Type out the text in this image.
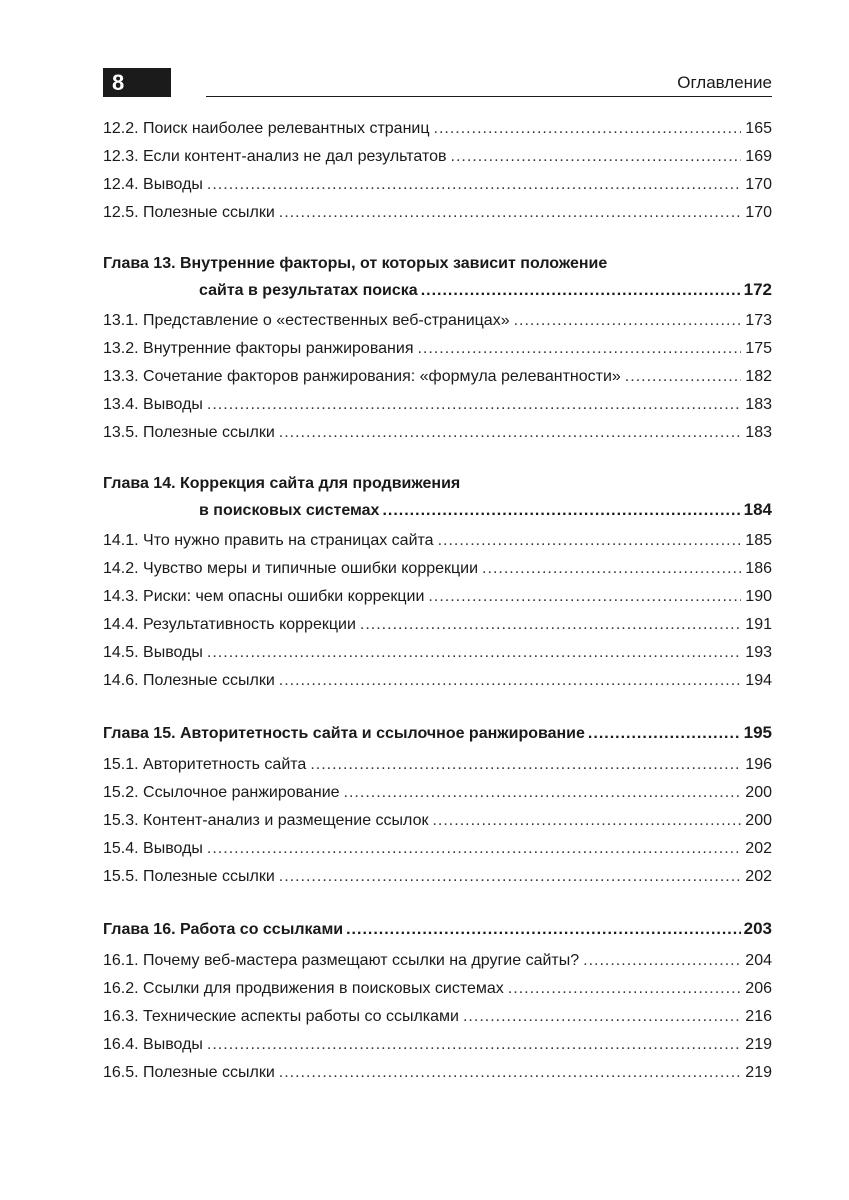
8	Оглавление
12.2. Поиск наиболее релевантных страниц .....	165
12.3. Если контент-анализ не дал результатов .....	169
12.4. Выводы .....	170
12.5. Полезные ссылки .....	170
Глава 13. Внутренние факторы, от которых зависит положение
сайта в результатах поиска .....	172
13.1. Представление о «естественных веб-страницах» .....	173
13.2. Внутренние факторы ранжирования .....	175
13.3. Сочетание факторов ранжирования: «формула релевантности» .....	182
13.4. Выводы .....	183
13.5. Полезные ссылки .....	183
Глава 14. Коррекция сайта для продвижения
в поисковых системах .....	184
14.1. Что нужно править на страницах сайта .....	185
14.2. Чувство меры и типичные ошибки коррекции .....	186
14.3. Риски: чем опасны ошибки коррекции .....	190
14.4. Результативность коррекции .....	191
14.5. Выводы .....	193
14.6. Полезные ссылки .....	194
Глава 15. Авторитетность сайта и ссылочное ранжирование .....	195
15.1. Авторитетность сайта .....	196
15.2. Ссылочное ранжирование .....	200
15.3. Контент-анализ и размещение ссылок .....	200
15.4. Выводы .....	202
15.5. Полезные ссылки .....	202
Глава 16. Работа со ссылками .....	203
16.1. Почему веб-мастера размещают ссылки на другие сайты? .....	204
16.2. Ссылки для продвижения в поисковых системах .....	206
16.3. Технические аспекты работы со ссылками .....	216
16.4. Выводы .....	219
16.5. Полезные ссылки .....	219
